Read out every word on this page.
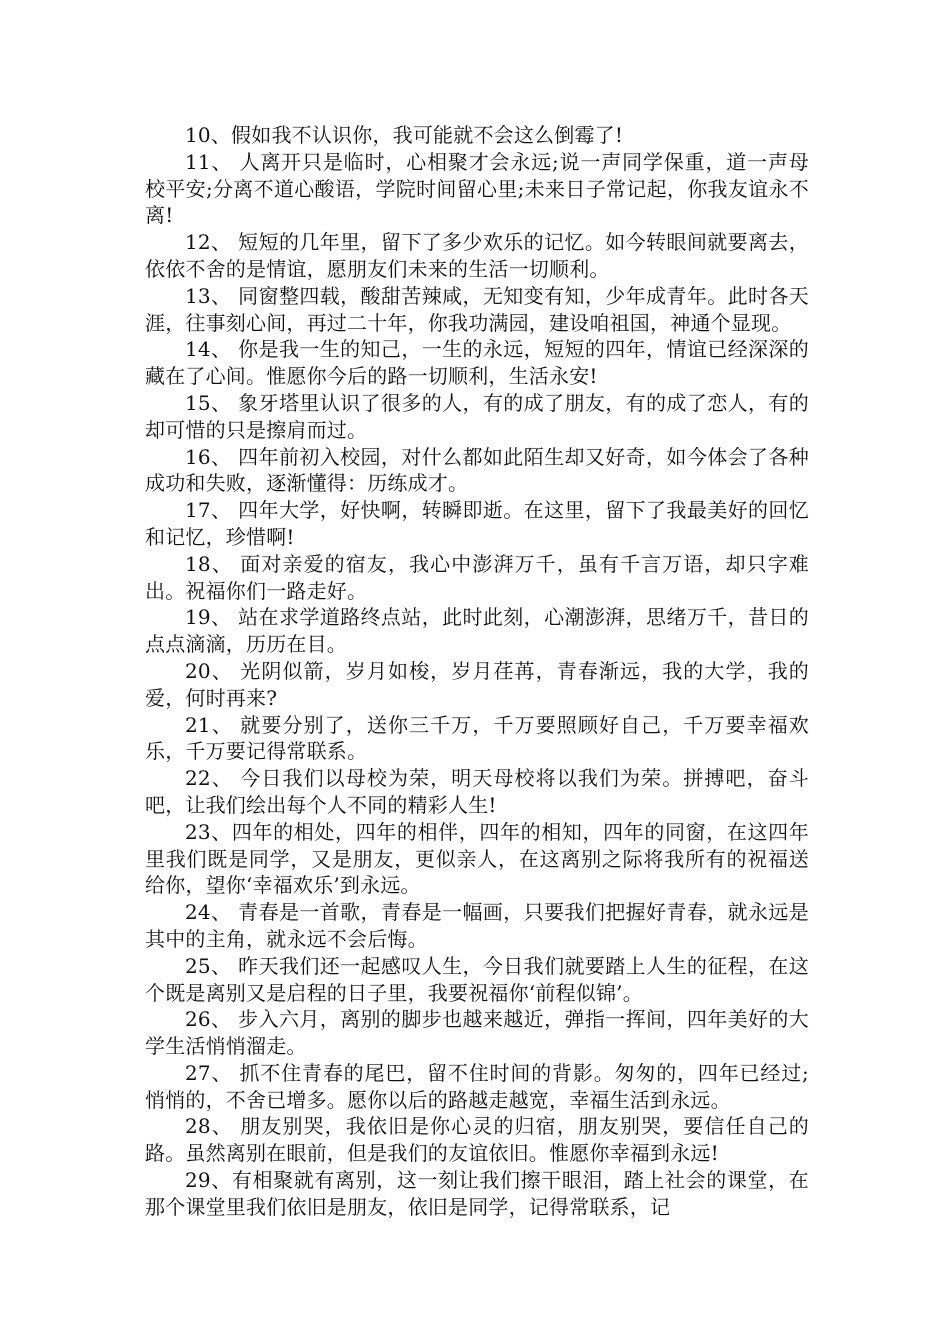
10、假如我不认识你，我可能就不会这么倒霉了!

11、 人离开只是临时，心相聚才会永远;说一声同学保重，道一声母校平安;分离不道心酸语，学院时间留心里;未来日子常记起，你我友谊永不离!

12、 短短的几年里，留下了多少欢乐的记忆。如今转眼间就要离去，依依不舍的是情谊，愿朋友们未来的生活一切顺利。

13、 同窗整四载，酸甜苦辣咸，无知变有知，少年成青年。此时各天涯，往事刻心间，再过二十年，你我功满园，建设咱祖国，神通个显现。

14、 你是我一生的知己，一生的永远，短短的四年，情谊已经深深的藏在了心间。惟愿你今后的路一切顺利，生活永安!

15、 象牙塔里认识了很多的人，有的成了朋友，有的成了恋人，有的却可惜的只是擦肩而过。

16、 四年前初入校园，对什么都如此陌生却又好奇，如今体会了各种成功和失败，逐渐懂得：历练成才。

17、 四年大学，好快啊，转瞬即逝。在这里，留下了我最美好的回忆和记忆，珍惜啊!

18、 面对亲爱的宿友，我心中澎湃万千，虽有千言万语，却只字难出。祝福你们一路走好。

19、 站在求学道路终点站，此时此刻，心潮澎湃，思绪万千，昔日的点点滴滴，历历在目。

20、 光阴似箭，岁月如梭，岁月荏苒，青春渐远，我的大学，我的爱，何时再来?

21、 就要分别了，送你三千万，千万要照顾好自己，千万要幸福欢乐，千万要记得常联系。

22、 今日我们以母校为荣，明天母校将以我们为荣。拼搏吧，奋斗吧，让我们绘出每个人不同的精彩人生!

23、四年的相处，四年的相伴，四年的相知，四年的同窗，在这四年里我们既是同学，又是朋友，更似亲人，在这离别之际将我所有的祝福送给你，望你‘幸福欢乐’到永远。

24、 青春是一首歌，青春是一幅画，只要我们把握好青春，就永远是其中的主角，就永远不会后悔。

25、 昨天我们还一起感叹人生，今日我们就要踏上人生的征程，在这个既是离别又是启程的日子里，我要祝福你‘前程似锦’。

26、 步入六月，离别的脚步也越来越近，弹指一挥间，四年美好的大学生活悄悄溜走。

27、 抓不住青春的尾巴，留不住时间的背影。匆匆的，四年已经过;悄悄的，不舍已增多。愿你以后的路越走越宽，幸福生活到永远。

28、 朋友别哭，我依旧是你心灵的归宿，朋友别哭，要信任自己的路。虽然离别在眼前，但是我们的友谊依旧。惟愿你幸福到永远!

29、有相聚就有离别，这一刻让我们擦干眼泪，踏上社会的课堂，在那个课堂里我们依旧是朋友，依旧是同学，记得常联系，记
